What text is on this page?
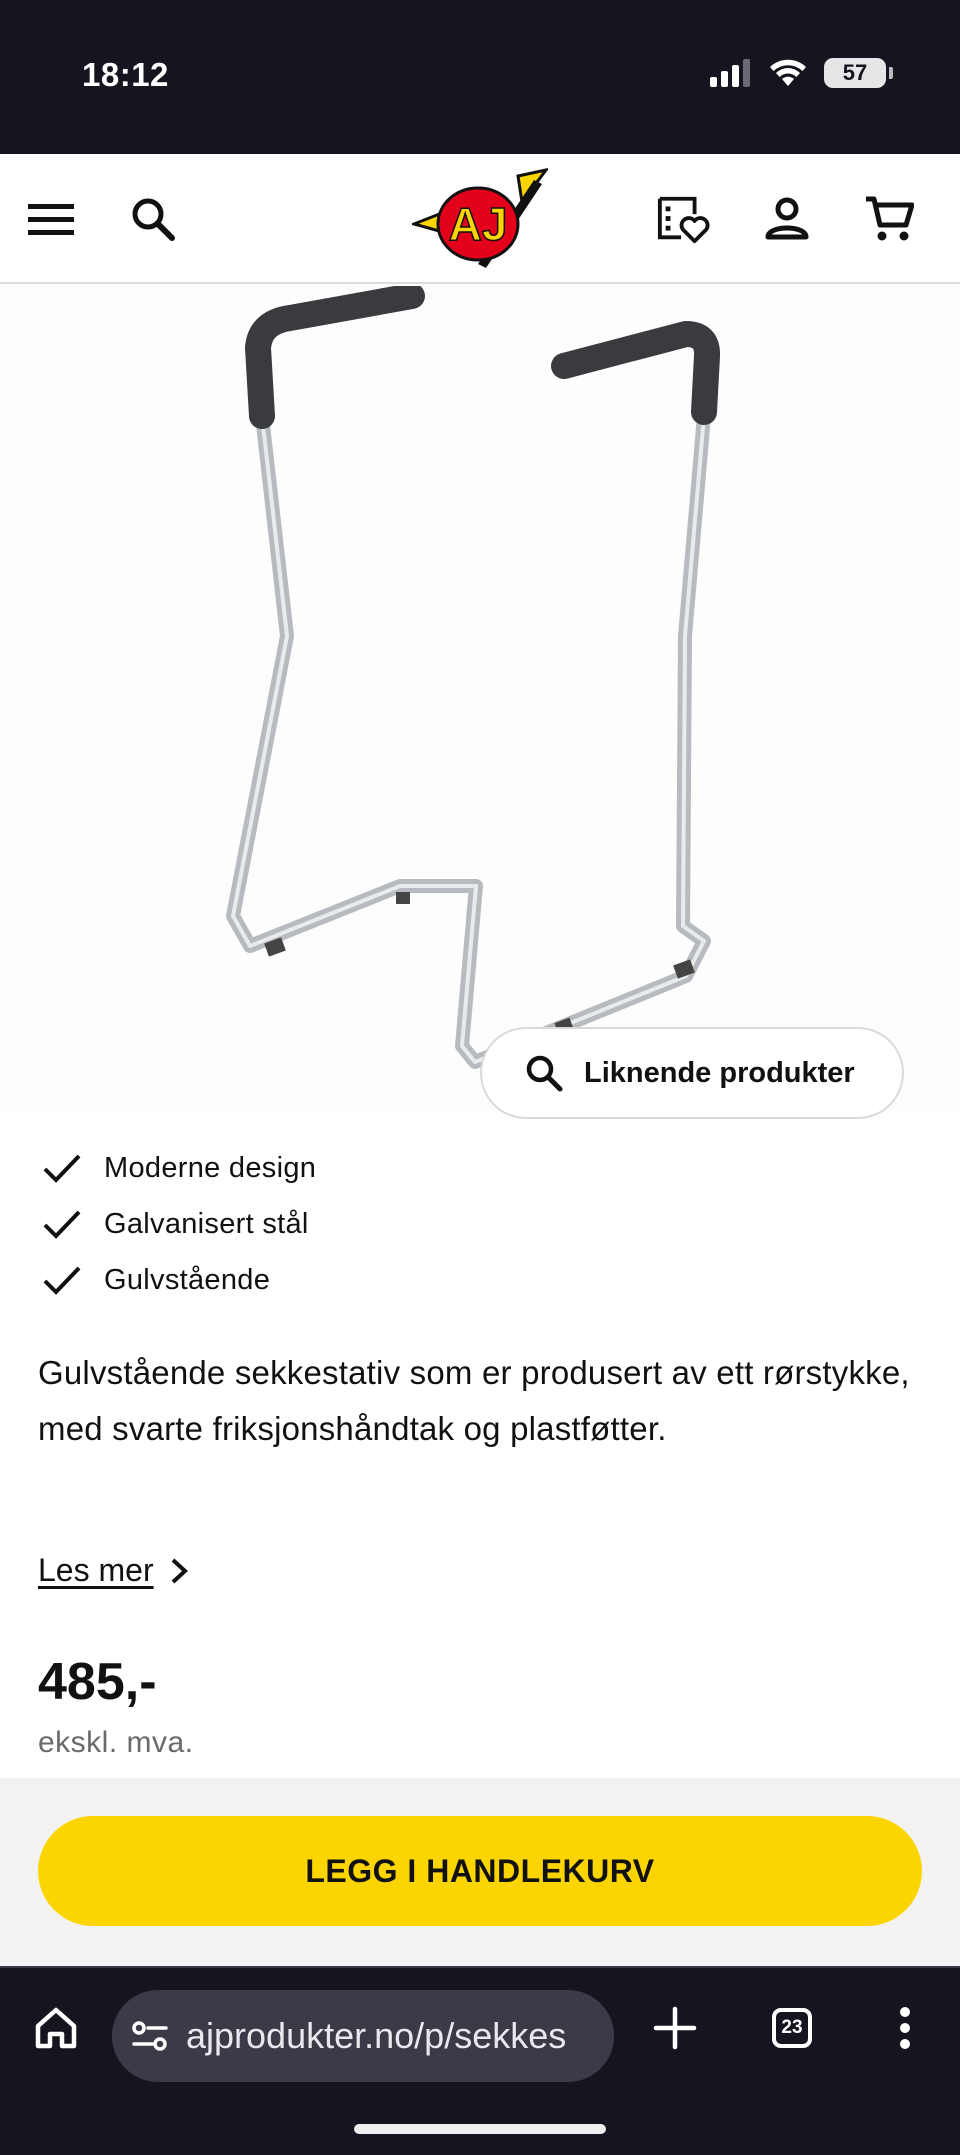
18:12	57
AJ
Liknende produkter
Moderne design
Galvanisert stål
Gulvstående

Gulvstående sekkestativ som er produsert av ett rørstykke, med svarte friksjonshåndtak og plastføtter.

Les mer
485,-
ekskl. mva.
LEGG I HANDLEKURV
ajprodukter.no/p/sekkes	23
